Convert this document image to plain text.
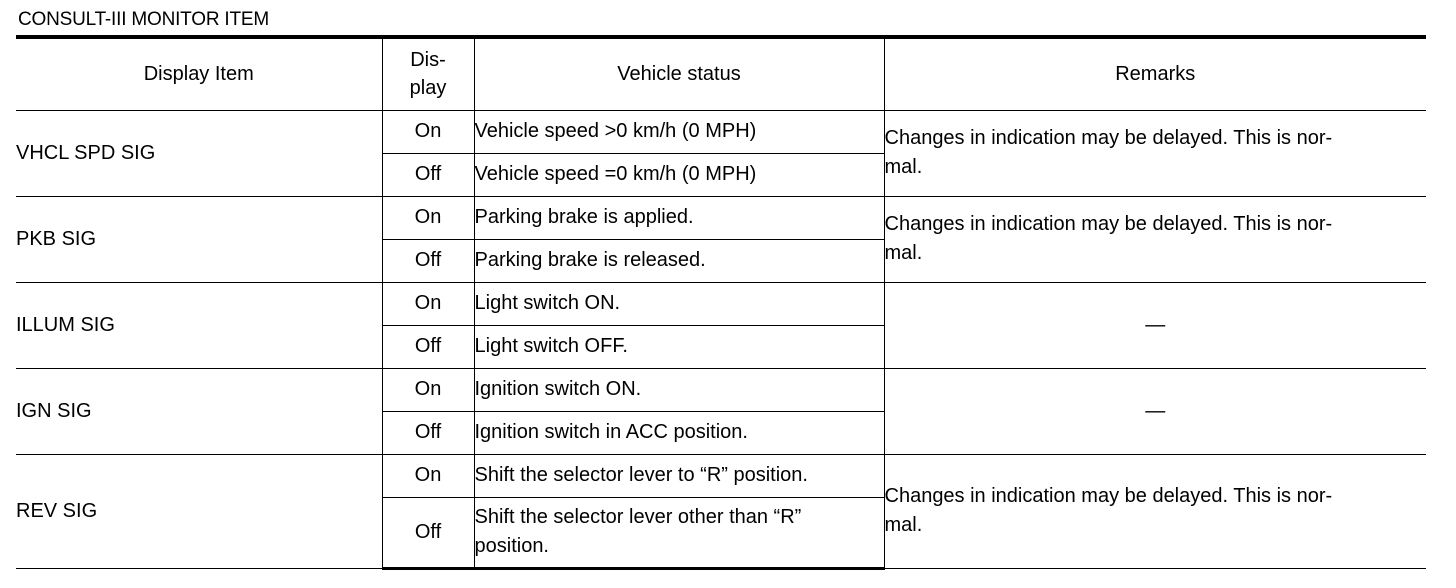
CONSULT-III MONITOR ITEM
Display Item	Dis-
play	Vehicle status	Remarks
VHCL SPD SIG	On	Vehicle speed >0 km/h (0 MPH)	Changes in indication may be delayed. This is nor-
mal.
	Off	Vehicle speed =0 km/h (0 MPH)	
PKB SIG	On	Parking brake is applied.	Changes in indication may be delayed. This is nor-
mal.
	Off	Parking brake is released.	
ILLUM SIG	On	Light switch ON.	—
	Off	Light switch OFF.	
IGN SIG	On	Ignition switch ON.	—
	Off	Ignition switch in ACC position.	
REV SIG	On	Shift the selector lever to “R” position.	Changes in indication may be delayed. This is nor-
mal.
	Off	Shift the selector lever other than “R”
position.	
